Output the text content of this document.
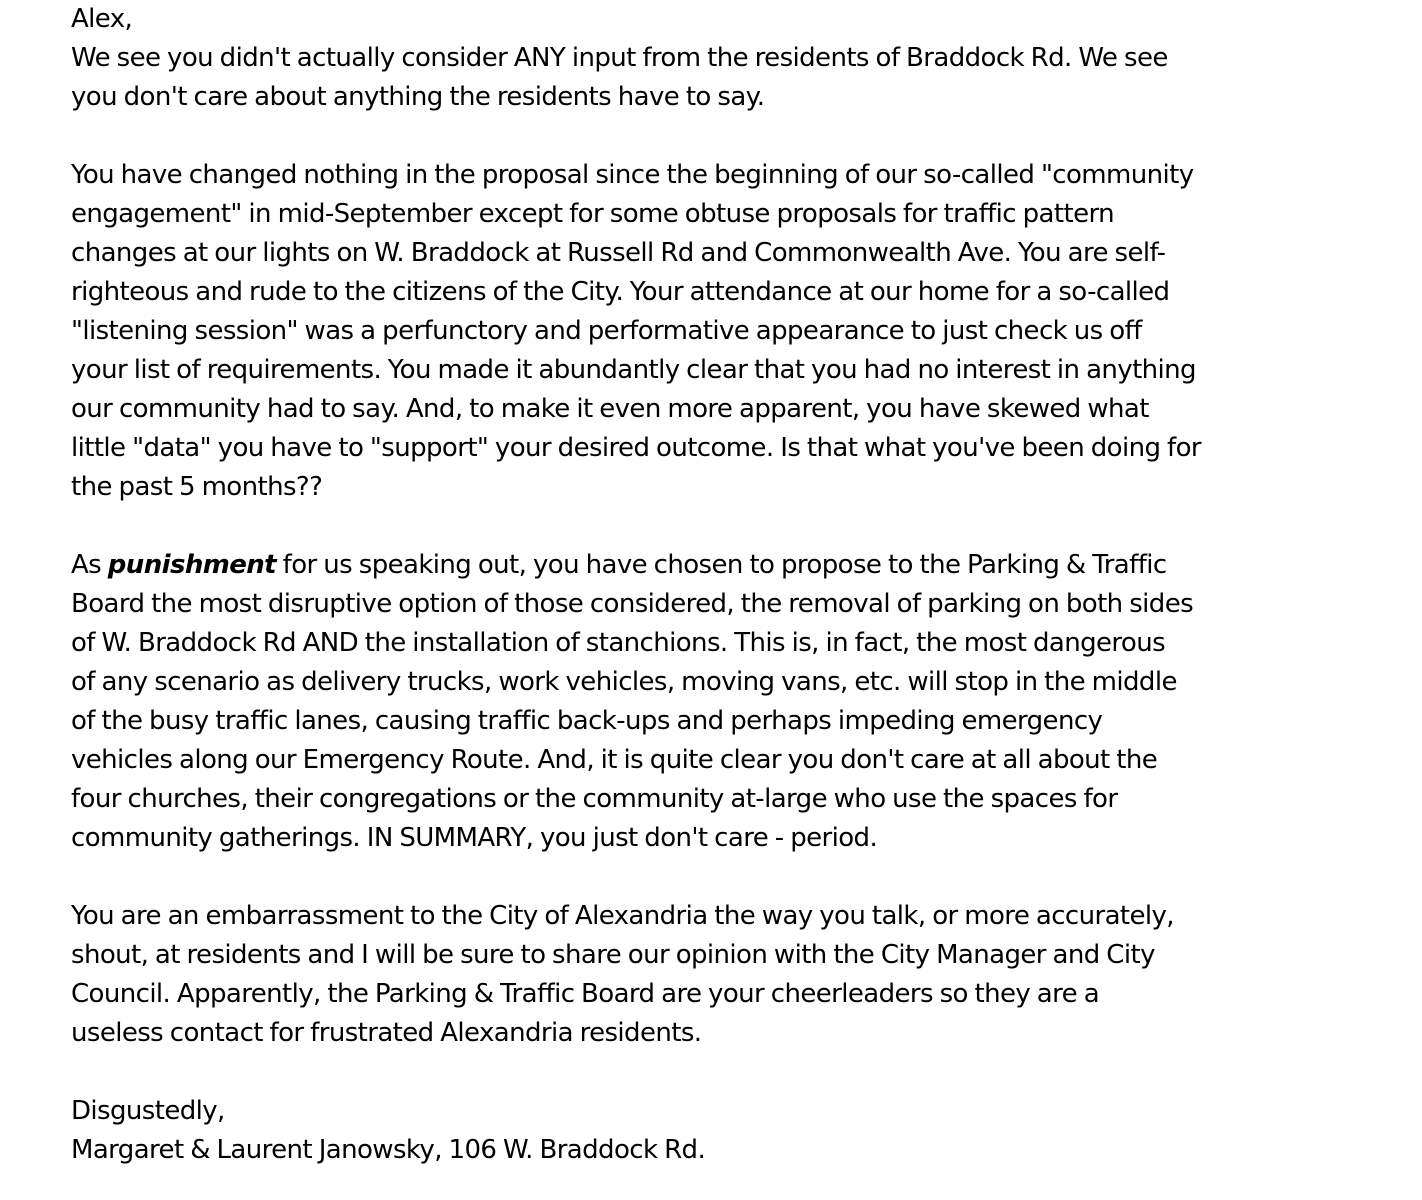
Alex,
We see you didn't actually consider ANY input from the residents of Braddock Rd. We see
you don't care about anything the residents have to say.
You have changed nothing in the proposal since the beginning of our so-called "community
engagement" in mid-September except for some obtuse proposals for traffic pattern
changes at our lights on W. Braddock at Russell Rd and Commonwealth Ave. You are self-
righteous and rude to the citizens of the City. Your attendance at our home for a so-called
"listening session" was a perfunctory and performative appearance to just check us off
your list of requirements. You made it abundantly clear that you had no interest in anything
our community had to say. And, to make it even more apparent, you have skewed what
little "data" you have to "support" your desired outcome. Is that what you've been doing for
the past 5 months??
As punishment for us speaking out, you have chosen to propose to the Parking & Traffic
Board the most disruptive option of those considered, the removal of parking on both sides
of W. Braddock Rd AND the installation of stanchions. This is, in fact, the most dangerous
of any scenario as delivery trucks, work vehicles, moving vans, etc. will stop in the middle
of the busy traffic lanes, causing traffic back-ups and perhaps impeding emergency
vehicles along our Emergency Route. And, it is quite clear you don't care at all about the
four churches, their congregations or the community at-large who use the spaces for
community gatherings. IN SUMMARY, you just don't care - period.
You are an embarrassment to the City of Alexandria the way you talk, or more accurately,
shout, at residents and I will be sure to share our opinion with the City Manager and City
Council. Apparently, the Parking & Traffic Board are your cheerleaders so they are a
useless contact for frustrated Alexandria residents.
Disgustedly,
Margaret & Laurent Janowsky, 106 W. Braddock Rd.
